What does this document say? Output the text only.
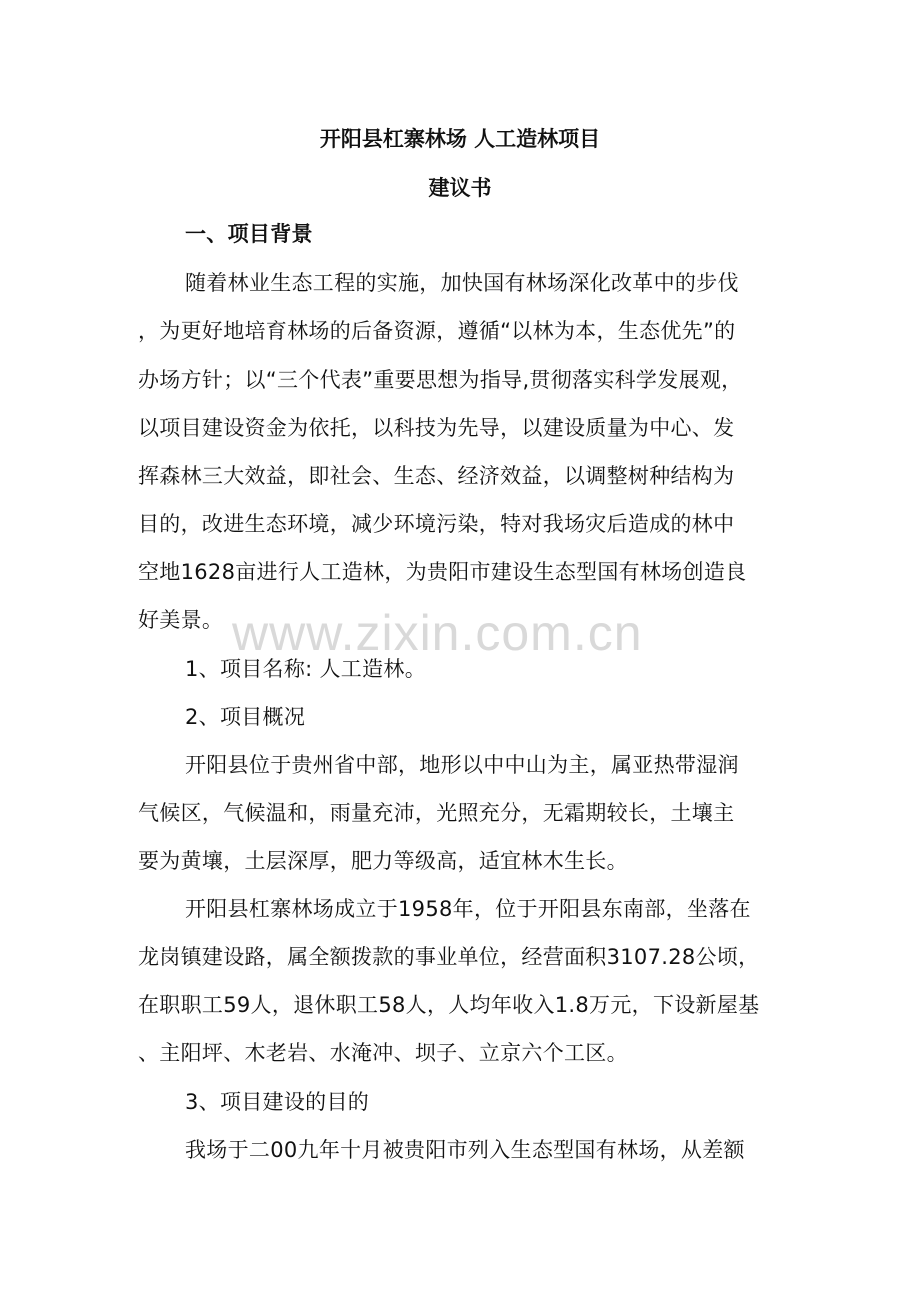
开阳县杠寨林场 人工造林项目
建议书
一、项目背景
随着林业生态工程的实施，加快国有林场深化改革中的步伐
，为更好地培育林场的后备资源，遵循“以林为本，生态优先”的
办场方针；以“三个代表”重要思想为指导,贯彻落实科学发展观，
以项目建设资金为依托，以科技为先导，以建设质量为中心、发
挥森林三大效益，即社会、生态、经济效益，以调整树种结构为
目的，改进生态环境，减少环境污染，特对我场灾后造成的林中
空地1628亩进行人工造林，为贵阳市建设生态型国有林场创造良
好美景。 www.zixin.com.cn
1、项目名称: 人工造林。
2、项目概况
开阳县位于贵州省中部，地形以中中山为主，属亚热带湿润
气候区，气候温和，雨量充沛，光照充分，无霜期较长，土壤主
要为黄壤，土层深厚，肥力等级高，适宜林木生长。
开阳县杠寨林场成立于1958年，位于开阳县东南部，坐落在
龙岗镇建设路，属全额拨款的事业单位，经营面积3107.28公顷，
在职职工59人，退休职工58人，人均年收入1.8万元，下设新屋基
、主阳坪、木老岩、水淹冲、坝子、立京六个工区。
3、项目建设的目的
我场于二00九年十月被贵阳市列入生态型国有林场，从差额
